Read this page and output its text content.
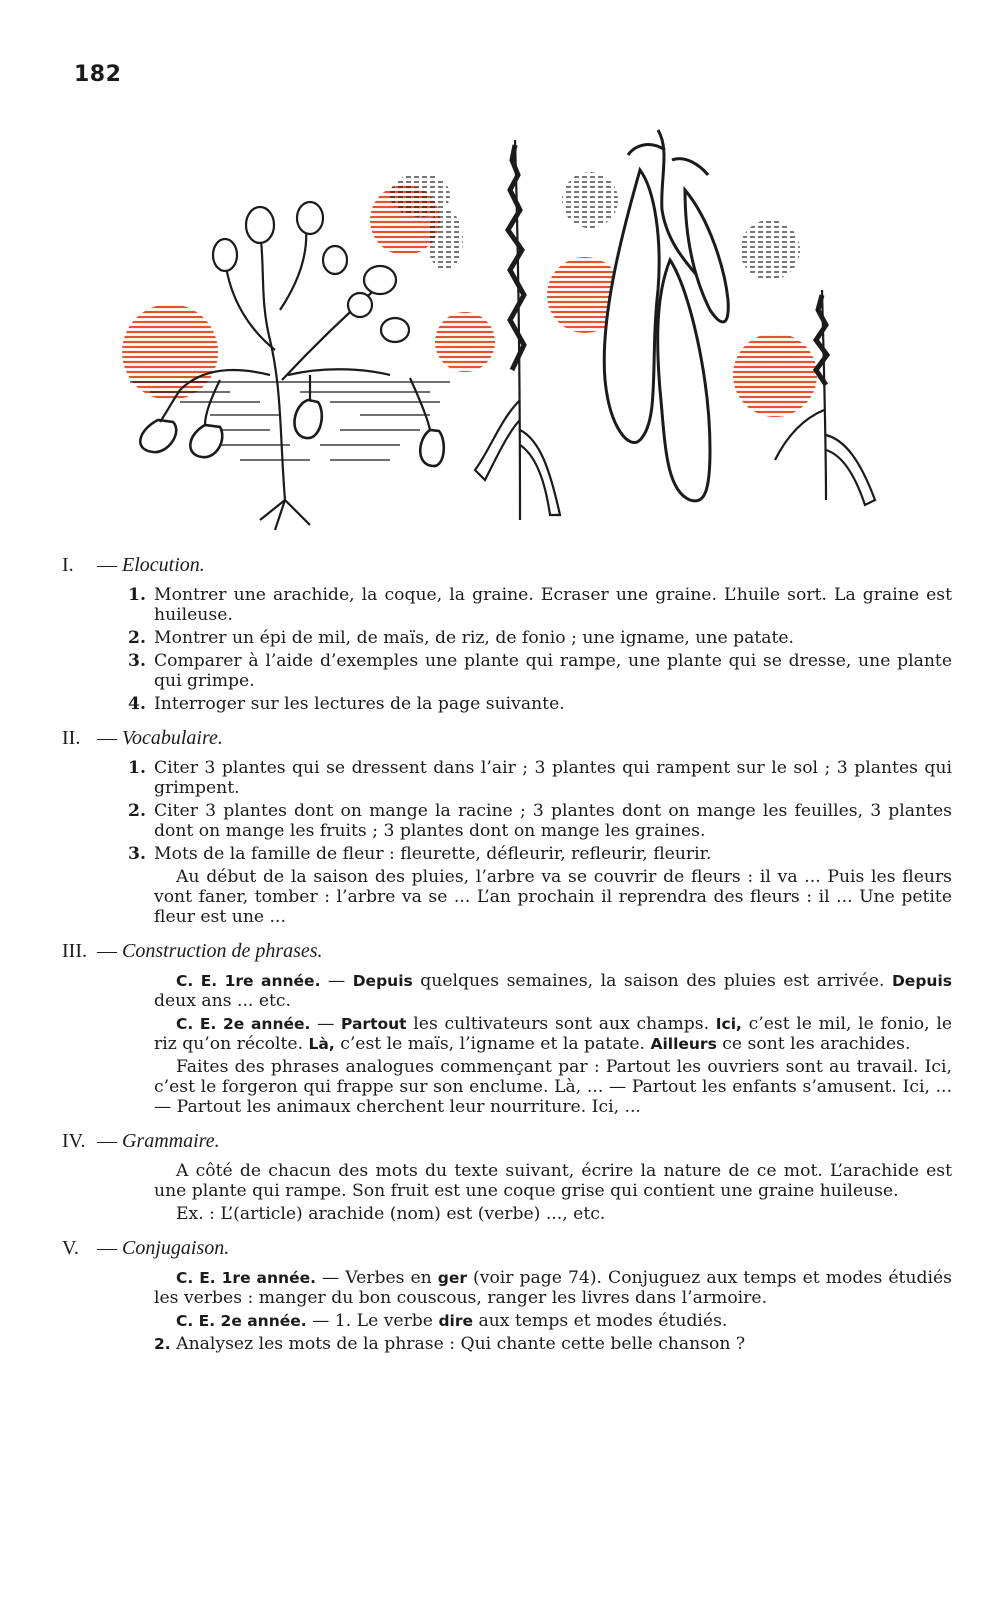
182
I. — Elocution.
1. Montrer une arachide, la coque, la graine. Ecraser une graine. L’huile sort. La graine est huileuse.
2. Montrer un épi de mil, de maïs, de riz, de fonio ; une igname, une patate.
3. Comparer à l’aide d’exemples une plante qui rampe, une plante qui se dresse, une plante qui grimpe.
4. Interroger sur les lectures de la page suivante.
II. — Vocabulaire.
1. Citer 3 plantes qui se dressent dans l’air ; 3 plantes qui rampent sur le sol ; 3 plantes qui grimpent.
2. Citer 3 plantes dont on mange la racine ; 3 plantes dont on mange les feuilles, 3 plantes dont on mange les fruits ; 3 plantes dont on mange les graines.
3. Mots de la famille de fleur : fleurette, défleurir, refleurir, fleurir.
Au début de la saison des pluies, l’arbre va se couvrir de fleurs : il va ... Puis les fleurs vont faner, tomber : l’arbre va se ... L’an prochain il reprendra des fleurs : il ... Une petite fleur est une ...
III. — Construction de phrases.
C. E. 1re année. — Depuis quelques semaines, la saison des pluies est arrivée. Depuis deux ans ... etc.
C. E. 2e année. — Partout les cultivateurs sont aux champs. Ici, c’est le mil, le fonio, le riz qu’on récolte. Là, c’est le maïs, l’igname et la patate. Ailleurs ce sont les arachides.
Faites des phrases analogues commençant par : Partout les ouvriers sont au travail. Ici, c’est le forgeron qui frappe sur son enclume. Là, ... — Partout les enfants s’amusent. Ici, ... — Partout les animaux cherchent leur nourriture. Ici, ...
IV. — Grammaire.
A côté de chacun des mots du texte suivant, écrire la nature de ce mot. L’arachide est une plante qui rampe. Son fruit est une coque grise qui contient une graine huileuse.
Ex. : L’(article) arachide (nom) est (verbe) ..., etc.
V. — Conjugaison.
C. E. 1re année. — Verbes en ger (voir page 74). Conjuguez aux temps et modes étudiés les verbes : manger du bon couscous, ranger les livres dans l’armoire.
C. E. 2e année. — 1. Le verbe dire aux temps et modes étudiés.
2. Analysez les mots de la phrase : Qui chante cette belle chanson ?
